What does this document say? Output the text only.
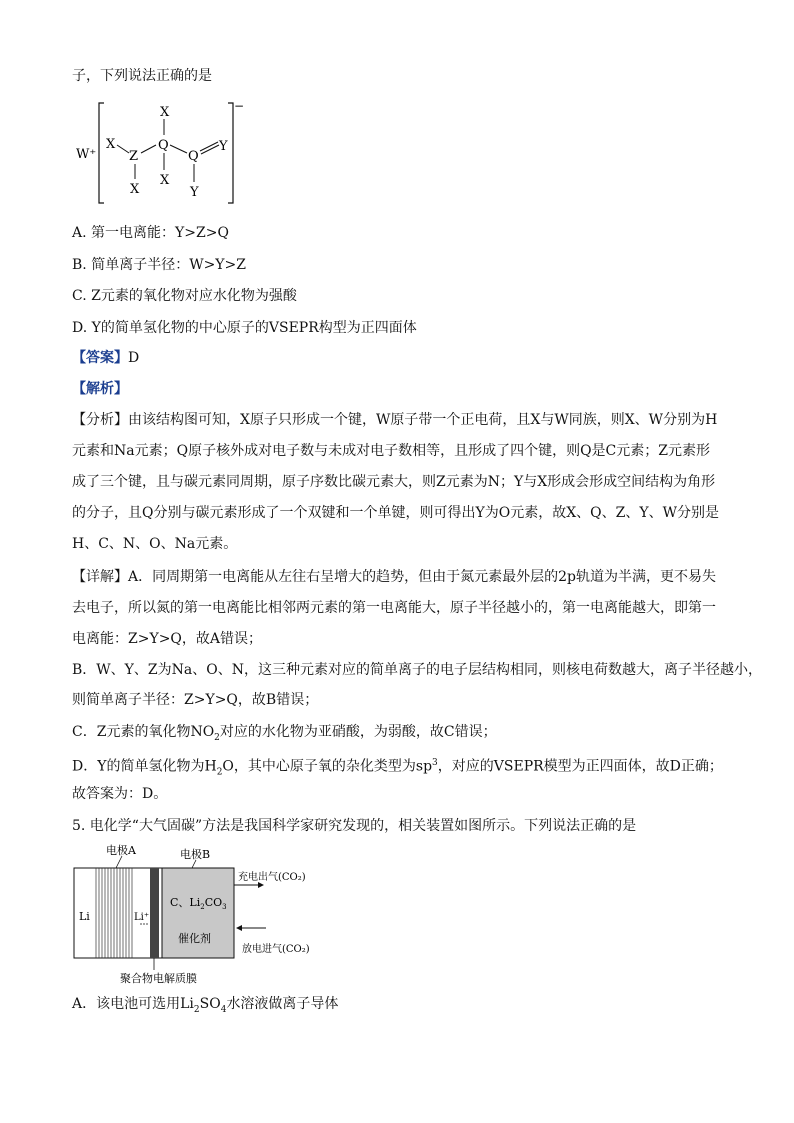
子，下列说法正确的是
W⁺
−
X
Z
X
Q
X
X
Q
Y
Y
A. 第一电离能：Y>Z>Q
B. 简单离子半径：W>Y>Z
C. Z元素的氧化物对应水化物为强酸
D. Y的简单氢化物的中心原子的VSEPR构型为正四面体
【答案】D
【解析】
【分析】由该结构图可知，X原子只形成一个键，W原子带一个正电荷，且X与W同族，则X、W分别为H
元素和Na元素；Q原子核外成对电子数与未成对电子数相等，且形成了四个键，则Q是C元素；Z元素形
成了三个键，且与碳元素同周期，原子序数比碳元素大，则Z元素为N；Y与X形成会形成空间结构为角形
的分子，且Q分别与碳元素形成了一个双键和一个单键，则可得出Y为O元素，故X、Q、Z、Y、W分别是
H、C、N、O、Na元素。
【详解】A．同周期第一电离能从左往右呈增大的趋势，但由于氮元素最外层的2p轨道为半满，更不易失
去电子，所以氮的第一电离能比相邻两元素的第一电离能大，原子半径越小的，第一电离能越大，即第一
电离能：Z>Y>Q，故A错误；
B．W、Y、Z为Na、O、N，这三种元素对应的简单离子的电子层结构相同，则核电荷数越大，离子半径越小，
则简单离子半径：Z>Y>Q，故B错误；
C．Z元素的氧化物$NO_2$对应的水化物为亚硝酸，为弱酸，故C错误；
D．Y的简单氢化物为$H_2O$，其中心原子氧的杂化类型为$sp^3$，对应的VSEPR模型为正四面体，故D正确；
故答案为：D。
5. 电化学“大气固碳”方法是我国科学家研究发现的，相关装置如图所示。下列说法正确的是
电极A	电极B
Li	Li⁺
C、$Li_2CO_3$
催化剂
充电出气(CO₂)
放电进气(CO₂)
聚合物电解质膜
A．该电池可选用$Li_2SO_4$水溶液做离子导体
